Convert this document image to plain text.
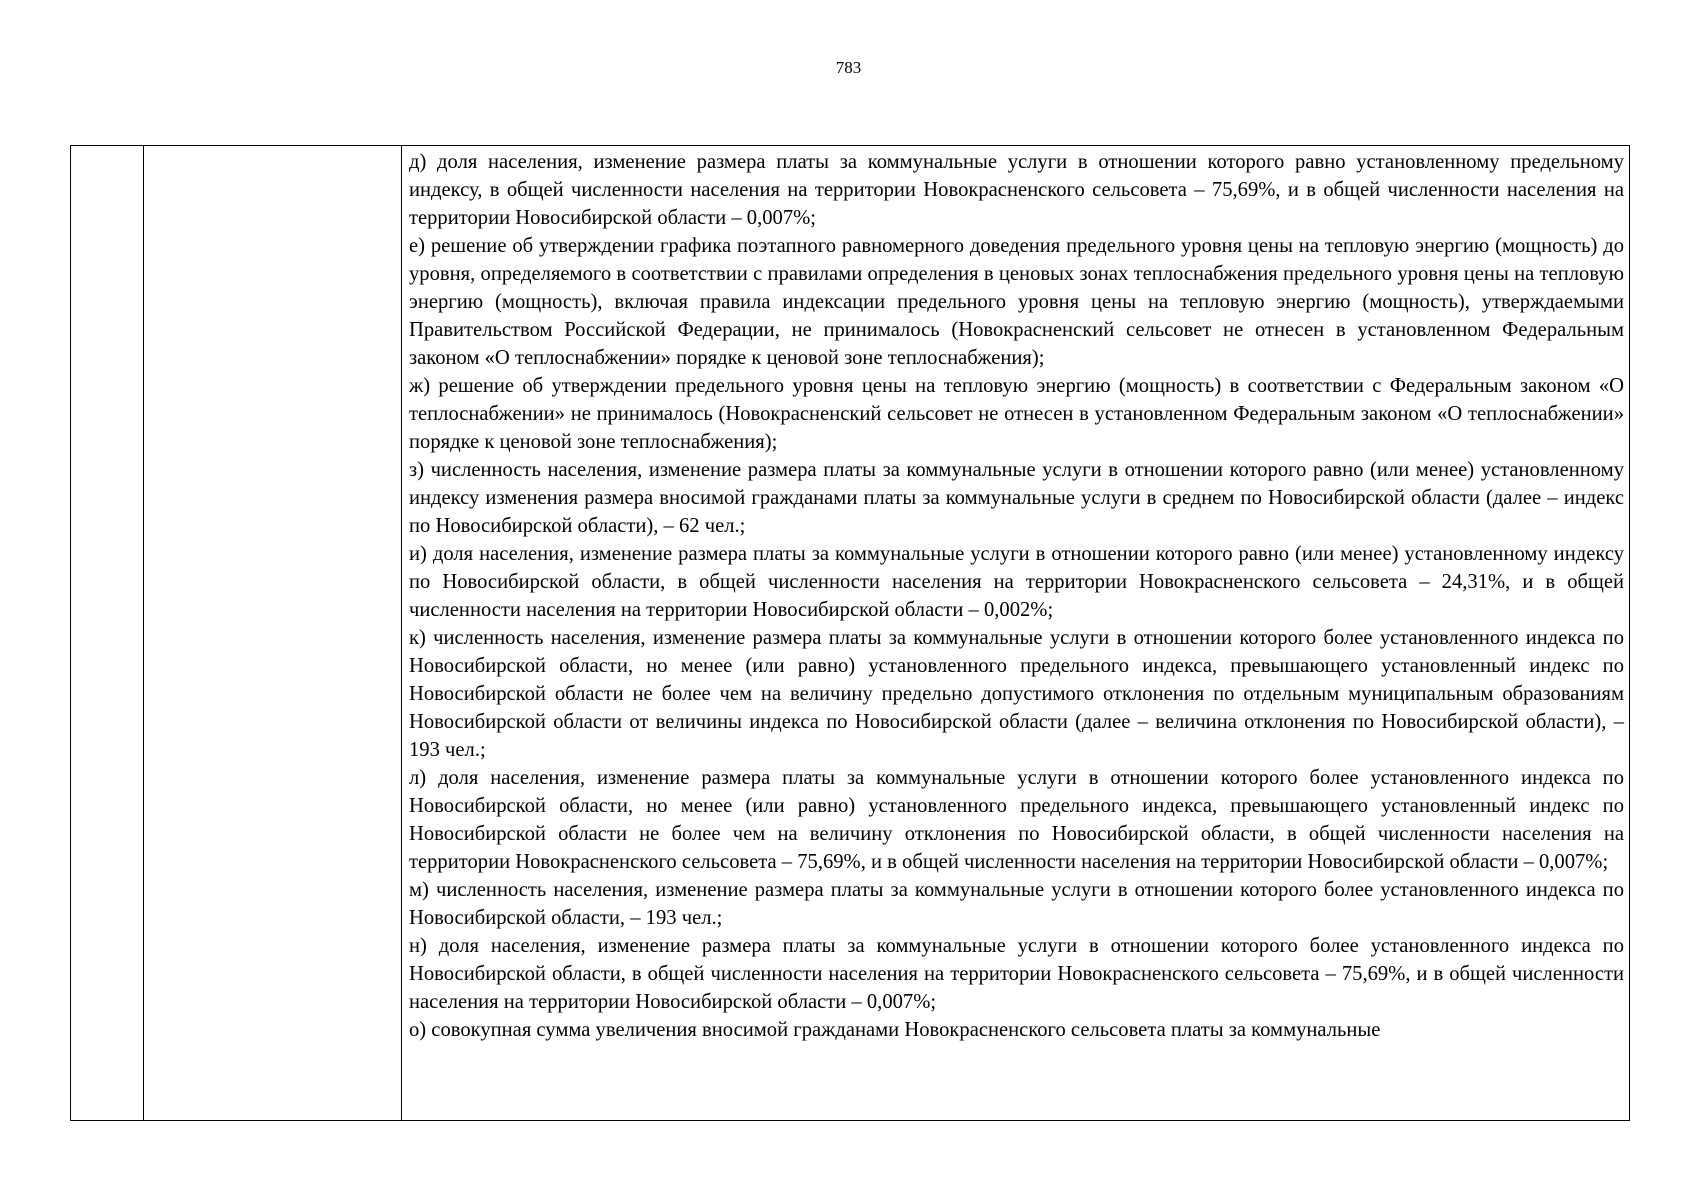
783

д) доля населения, изменение размера платы за коммунальные услуги в отношении которого равно установленному предельному индексу, в общей численности населения на территории Новокрасненского сельсовета – 75,69%, и в общей численности населения на территории Новосибирской области – 0,007%;

е) решение об утверждении графика поэтапного равномерного доведения предельного уровня цены на тепловую энергию (мощность) до уровня, определяемого в соответствии с правилами определения в ценовых зонах теплоснабжения предельного уровня цены на тепловую энергию (мощность), включая правила индексации предельного уровня цены на тепловую энергию (мощность), утверждаемыми Правительством Российской Федерации, не принималось (Новокрасненский сельсовет не отнесен в установленном Федеральным законом «О теплоснабжении» порядке к ценовой зоне теплоснабжения);

ж) решение об утверждении предельного уровня цены на тепловую энергию (мощность) в соответствии с Федеральным законом «О теплоснабжении» не принималось (Новокрасненский сельсовет не отнесен в установленном Федеральным законом «О теплоснабжении» порядке к ценовой зоне теплоснабжения);

з) численность населения, изменение размера платы за коммунальные услуги в отношении которого равно (или менее) установленному индексу изменения размера вносимой гражданами платы за коммунальные услуги в среднем по Новосибирской области (далее – индекс по Новосибирской области), – 62 чел.;

и) доля населения, изменение размера платы за коммунальные услуги в отношении которого равно (или менее) установленному индексу по Новосибирской области, в общей численности населения на территории Новокрасненского сельсовета – 24,31%, и в общей численности населения на территории Новосибирской области – 0,002%;

к) численность населения, изменение размера платы за коммунальные услуги в отношении которого более установленного индекса по Новосибирской области, но менее (или равно) установленного предельного индекса, превышающего установленный индекс по Новосибирской области не более чем на величину предельно допустимого отклонения по отдельным муниципальным образованиям Новосибирской области от величины индекса по Новосибирской области (далее – величина отклонения по Новосибирской области), – 193 чел.;

л) доля населения, изменение размера платы за коммунальные услуги в отношении которого более установленного индекса по Новосибирской области, но менее (или равно) установленного предельного индекса, превышающего установленный индекс по Новосибирской области не более чем на величину отклонения по Новосибирской области, в общей численности населения на территории Новокрасненского сельсовета – 75,69%, и в общей численности населения на территории Новосибирской области – 0,007%;

м) численность населения, изменение размера платы за коммунальные услуги в отношении которого более установленного индекса по Новосибирской области, – 193 чел.;

н) доля населения, изменение размера платы за коммунальные услуги в отношении которого более установленного индекса по Новосибирской области, в общей численности населения на территории Новокрасненского сельсовета – 75,69%, и в общей численности населения на территории Новосибирской области – 0,007%;

о) совокупная сумма увеличения вносимой гражданами Новокрасненского сельсовета платы за коммунальные
